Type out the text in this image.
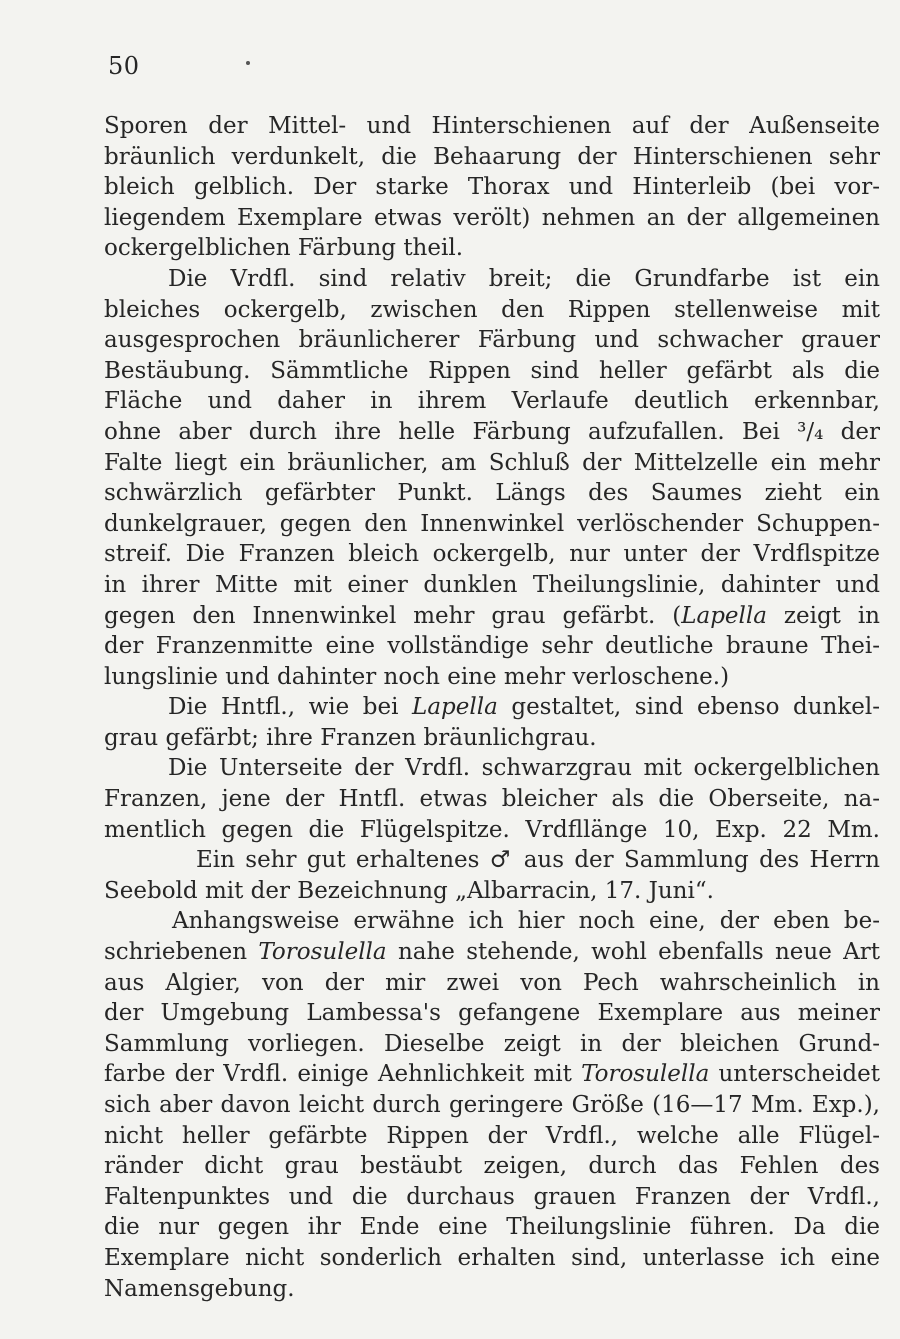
50
Sporen der Mittel- und Hinterschienen auf der Außenseite
bräunlich verdunkelt, die Behaarung der Hinterschienen sehr
bleich gelblich. Der starke Thorax und Hinterleib (bei vor-
liegendem Exemplare etwas verölt) nehmen an der allgemeinen
ockergelblichen Färbung theil.
Die Vrdfl. sind relativ breit; die Grundfarbe ist ein
bleiches ockergelb, zwischen den Rippen stellenweise mit
ausgesprochen bräunlicherer Färbung und schwacher grauer
Bestäubung. Sämmtliche Rippen sind heller gefärbt als die
Fläche und daher in ihrem Verlaufe deutlich erkennbar,
ohne aber durch ihre helle Färbung aufzufallen. Bei ³/₄ der
Falte liegt ein bräunlicher, am Schluß der Mittelzelle ein mehr
schwärzlich gefärbter Punkt. Längs des Saumes zieht ein
dunkelgrauer, gegen den Innenwinkel verlöschender Schuppen-
streif. Die Franzen bleich ockergelb, nur unter der Vrdflspitze
in ihrer Mitte mit einer dunklen Theilungslinie, dahinter und
gegen den Innenwinkel mehr grau gefärbt. (Lapella zeigt in
der Franzenmitte eine vollständige sehr deutliche braune Thei-
lungslinie und dahinter noch eine mehr verloschene.)
Die Hntfl., wie bei Lapella gestaltet, sind ebenso dunkel-
grau gefärbt; ihre Franzen bräunlichgrau.
Die Unterseite der Vrdfl. schwarzgrau mit ockergelblichen
Franzen, jene der Hntfl. etwas bleicher als die Oberseite, na-
mentlich gegen die Flügelspitze. Vrdfllänge 10, Exp. 22 Mm.
Ein sehr gut erhaltenes ♂ aus der Sammlung des Herrn
Seebold mit der Bezeichnung „Albarracin, 17. Juni“.
Anhangsweise erwähne ich hier noch eine, der eben be-
schriebenen Torosulella nahe stehende, wohl ebenfalls neue Art
aus Algier, von der mir zwei von Pech wahrscheinlich in
der Umgebung Lambessa's gefangene Exemplare aus meiner
Sammlung vorliegen. Dieselbe zeigt in der bleichen Grund-
farbe der Vrdfl. einige Aehnlichkeit mit Torosulella unterscheidet
sich aber davon leicht durch geringere Größe (16—17 Mm. Exp.),
nicht heller gefärbte Rippen der Vrdfl., welche alle Flügel-
ränder dicht grau bestäubt zeigen, durch das Fehlen des
Faltenpunktes und die durchaus grauen Franzen der Vrdfl.,
die nur gegen ihr Ende eine Theilungslinie führen. Da die
Exemplare nicht sonderlich erhalten sind, unterlasse ich eine
Namensgebung.
